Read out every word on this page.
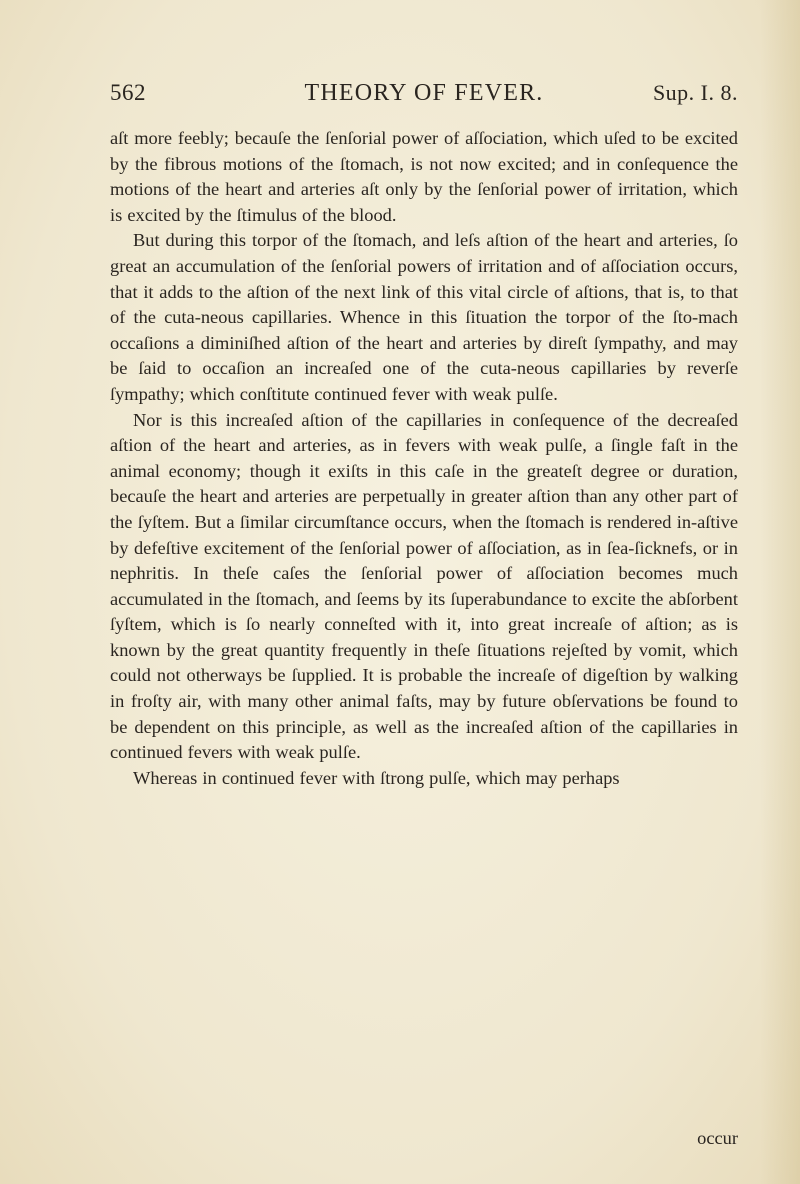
562	THEORY OF FEVER.	Sup. I. 8.

aſt more feebly; becauſe the ſenſorial power of aſſociation, which uſed to be excited by the fibrous motions of the ſtomach, is not now excited; and in conſequence the motions of the heart and arteries aſt only by the ſenſorial power of irritation, which is excited by the ſtimulus of the blood.

But during this torpor of the ſtomach, and leſs aſtion of the heart and arteries, ſo great an accumulation of the ſenſorial powers of irritation and of aſſociation occurs, that it adds to the aſtion of the next link of this vital circle of aſtions, that is, to that of the cuta-neous capillaries. Whence in this ſituation the torpor of the ſto-mach occaſions a diminiſhed aſtion of the heart and arteries by direſt ſympathy, and may be ſaid to occaſion an increaſed one of the cuta-neous capillaries by reverſe ſympathy; which conſtitute continued fever with weak pulſe.

Nor is this increaſed aſtion of the capillaries in conſequence of the decreaſed aſtion of the heart and arteries, as in fevers with weak pulſe, a ſingle faſt in the animal economy; though it exiſts in this caſe in the greateſt degree or duration, becauſe the heart and arteries are perpetually in greater aſtion than any other part of the ſyſtem. But a ſimilar circumſtance occurs, when the ſtomach is rendered in-aſtive by defeſtive excitement of the ſenſorial power of aſſociation, as in ſea-ſicknefs, or in nephritis. In theſe caſes the ſenſorial power of aſſociation becomes much accumulated in the ſtomach, and ſeems by its ſuperabundance to excite the abſorbent ſyſtem, which is ſo nearly conneſted with it, into great increaſe of aſtion; as is known by the great quantity frequently in theſe ſituations rejeſted by vomit, which could not otherways be ſupplied. It is probable the increaſe of digeſtion by walking in froſty air, with many other animal faſts, may by future obſervations be found to be dependent on this principle, as well as the increaſed aſtion of the capillaries in continued fevers with weak pulſe.

Whereas in continued fever with ſtrong pulſe, which may perhaps

occur
